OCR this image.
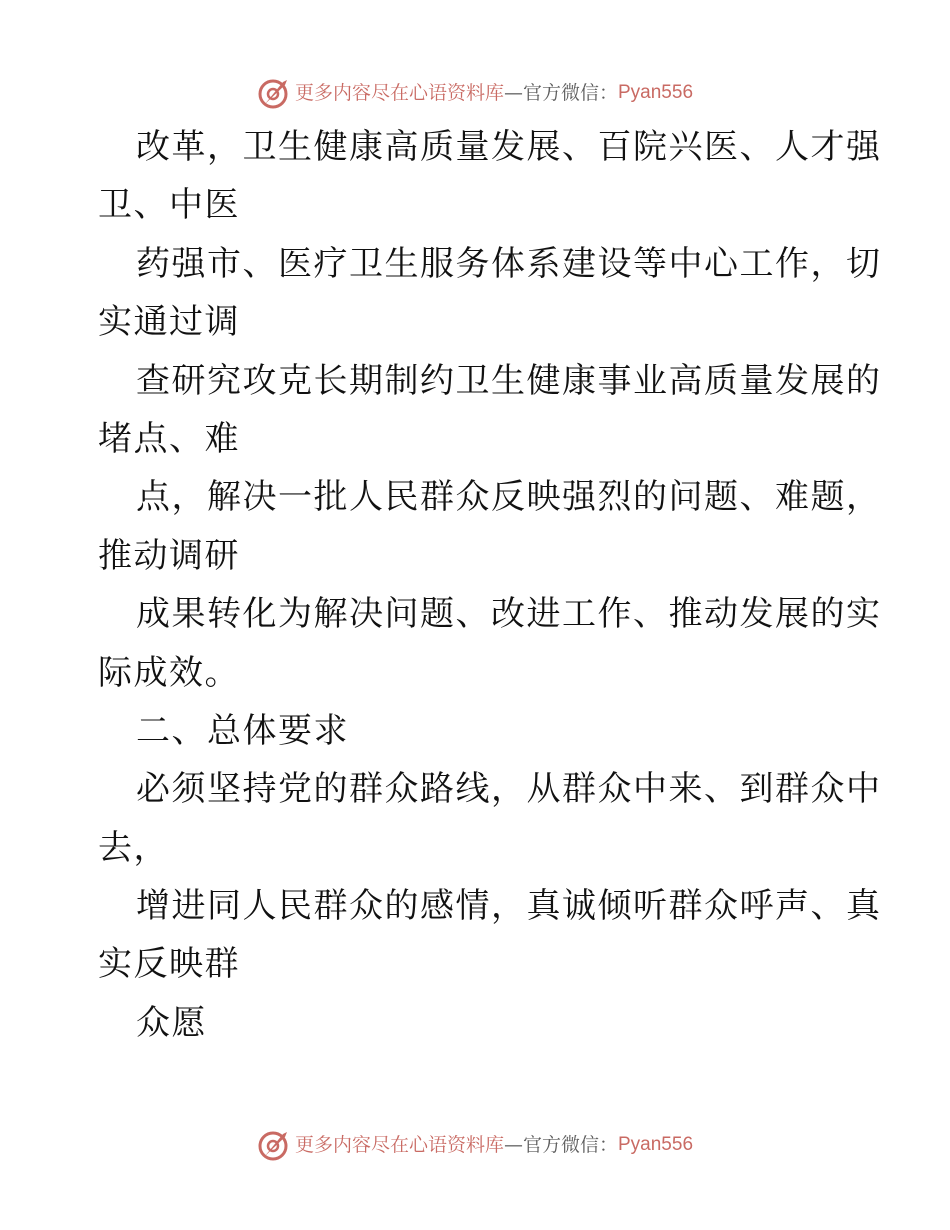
更多内容尽在心语资料库 — 官方微信： Pyan556
改革，卫生健康高质量发展、百院兴医、人才强
卫、中医
药强市、医疗卫生服务体系建设等中心工作，切
实通过调
查研究攻克长期制约卫生健康事业高质量发展的
堵点、难
点，解决一批人民群众反映强烈的问题、难题，
推动调研
成果转化为解决问题、改进工作、推动发展的实
际成效。
二、总体要求
必须坚持党的群众路线，从群众中来、到群众中
去，
增进同人民群众的感情，真诚倾听群众呼声、真
实反映群
众愿
更多内容尽在心语资料库 — 官方微信： Pyan556
